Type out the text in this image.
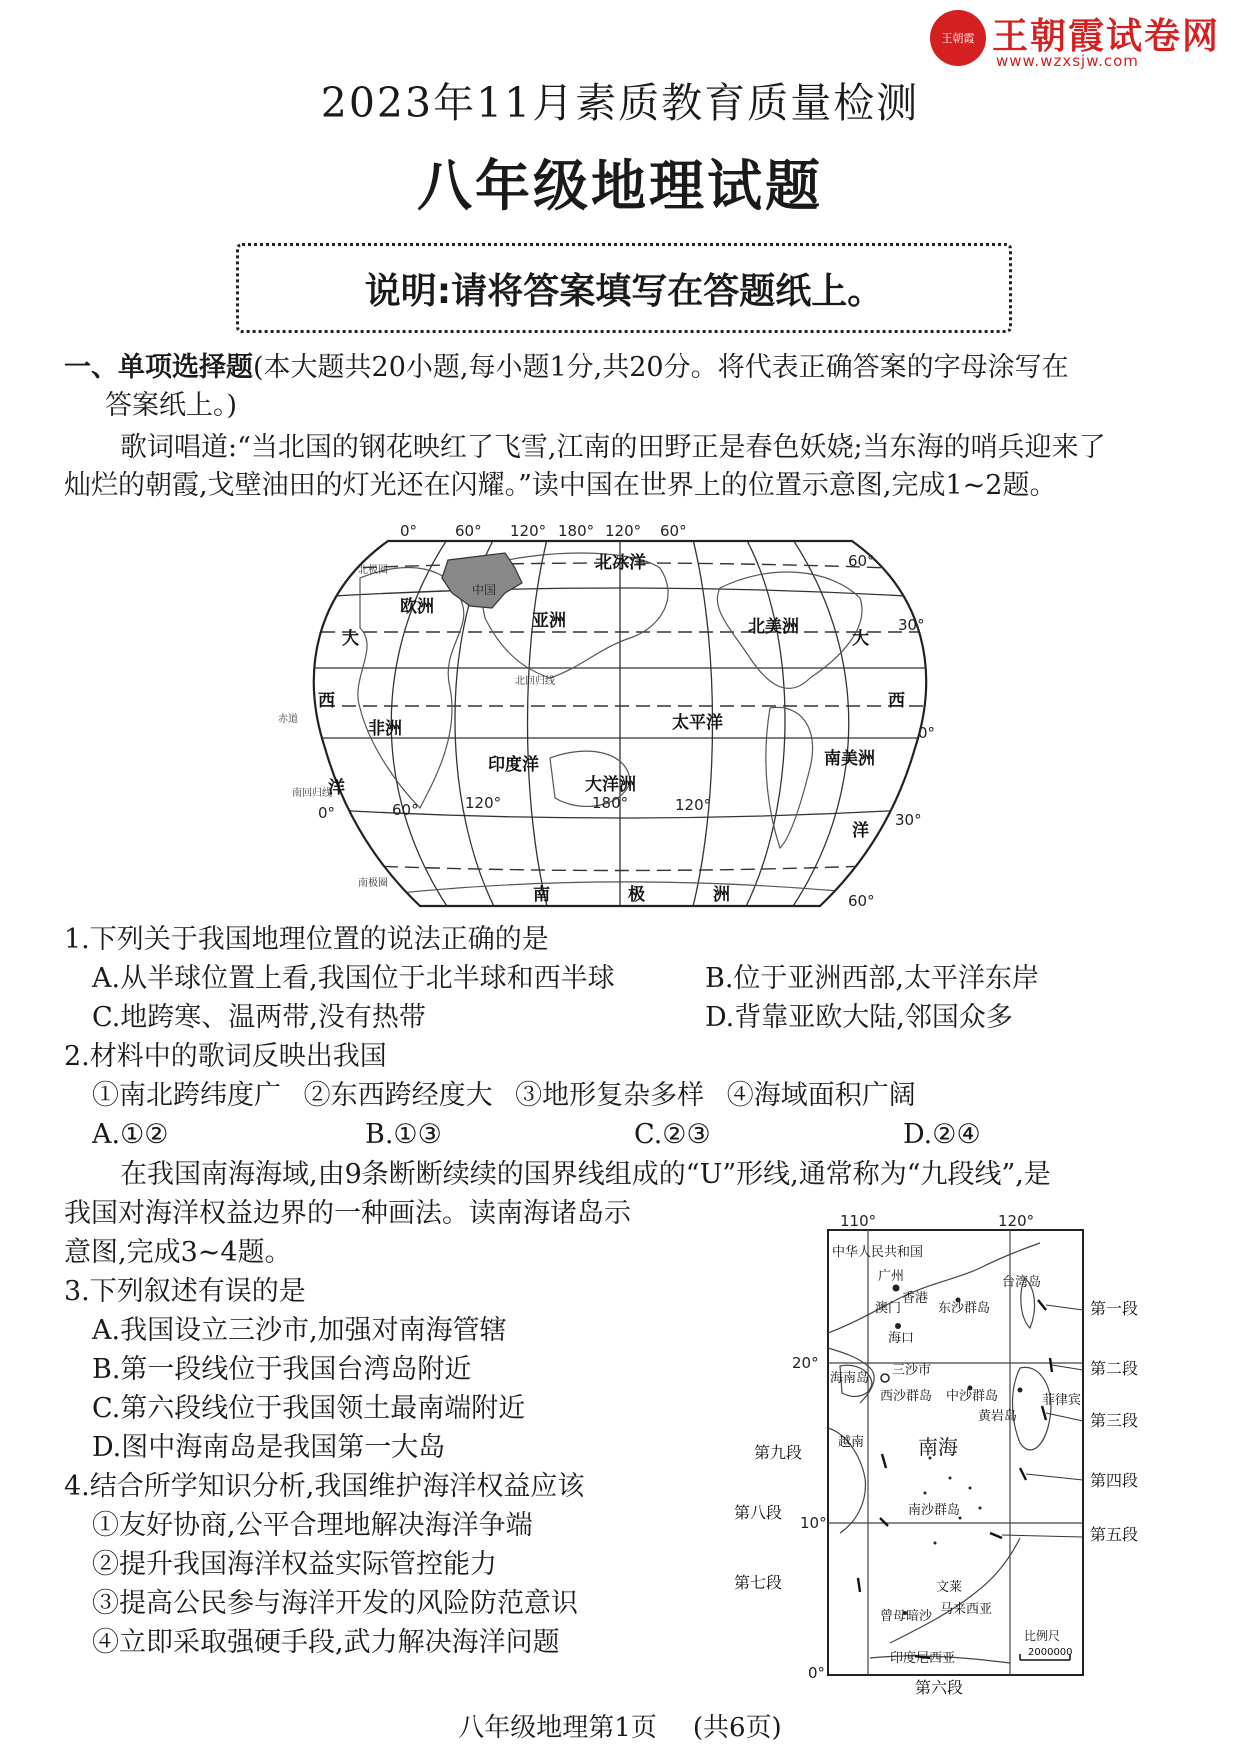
王朝霞 王朝霞试卷网
www.wzxsjw.com
2023年11月素质教育质量检测
八年级地理试题
说明:请将答案填写在答题纸上。
一、单项选择题(本大题共20小题,每小题1分,共20分。将代表正确答案的字母涂写在
答案纸上。)
歌词唱道:“当北国的钢花映红了飞雪,江南的田野正是春色妖娆;当东海的哨兵迎来了
灿烂的朝霞,戈壁油田的灯光还在闪耀。”读中国在世界上的位置示意图,完成1~2题。
0°	60° 120° 180° 120° 60°
0°	60°	120°	180°	120°
60°
30°
0°
30°
60°
北冰洋
太平洋
印度洋
欧洲
亚洲	北美洲
非洲
南美洲
大洋洲
南	极	洲
大
西
洋
大
西
洋
中国
北极圈
北回归线
赤道
南回归线
南极圈
1.下列关于我国地理位置的说法正确的是
A.从半球位置上看,我国位于北半球和西半球	B.位于亚洲西部,太平洋东岸
C.地跨寒、温两带,没有热带	D.背靠亚欧大陆,邻国众多
2.材料中的歌词反映出我国
①南北跨纬度广 ②东西跨经度大 ③地形复杂多样 ④海域面积广阔
A.①②	B.①③	C.②③	D.②④
在我国南海海域,由9条断断续续的国界线组成的“U”形线,通常称为“九段线”,是
我国对海洋权益边界的一种画法。读南海诸岛示
意图,完成3~4题。
3.下列叙述有误的是
A.我国设立三沙市,加强对南海管辖
B.第一段线位于我国台湾岛附近
C.第六段线位于我国领土最南端附近
D.图中海南岛是我国第一大岛
4.结合所学知识分析,我国维护海洋权益应该
①友好协商,公平合理地解决海洋争端
②提升我国海洋权益实际管控能力
③提高公民参与海洋开发的风险防范意识
④立即采取强硬手段,武力解决海洋问题
110°	120°
20°
10°
0°
中华人民共和国
广州
香港
澳门
台湾岛
东沙群岛
海口
海南岛
三沙市
西沙群岛 中沙群岛
黄岩岛
南海
南沙群岛
曾母暗沙
越南
菲律宾
马来西亚
文莱
印度尼西亚
第一段
第二段
第三段
第四段
第五段
第六段
第七段
第八段
第九段
比例尺
2000000
八年级地理第1页 (共6页)
